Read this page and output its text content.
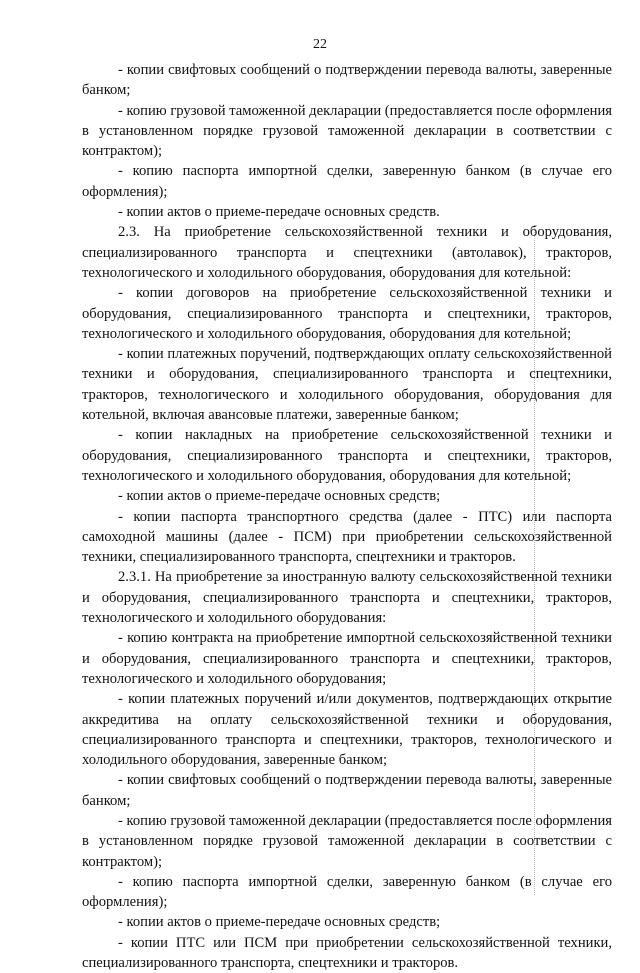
22

- копии свифтовых сообщений о подтверждении перевода валюты, заверенные банком;

- копию грузовой таможенной декларации (предоставляется после оформления в установленном порядке грузовой таможенной декларации в соответствии с контрактом);

- копию паспорта импортной сделки, заверенную банком (в случае его оформления);

- копии актов о приеме-передаче основных средств.

2.3. На приобретение сельскохозяйственной техники и оборудования, специализированного транспорта и спецтехники (автолавок), тракторов, технологического и холодильного оборудования, оборудования для котельной:

- копии договоров на приобретение сельскохозяйственной техники и оборудования, специализированного транспорта и спецтехники, тракторов, технологического и холодильного оборудования, оборудования для котельной;

- копии платежных поручений, подтверждающих оплату сельскохозяйственной техники и оборудования, специализированного транспорта и спецтехники, тракторов, технологического и холодильного оборудования, оборудования для котельной, включая авансовые платежи, заверенные банком;

- копии накладных на приобретение сельскохозяйственной техники и оборудования, специализированного транспорта и спецтехники, тракторов, технологического и холодильного оборудования, оборудования для котельной;

- копии актов о приеме-передаче основных средств;

- копии паспорта транспортного средства (далее - ПТС) или паспорта самоходной машины (далее - ПСМ) при приобретении сельскохозяйственной техники, специализированного транспорта, спецтехники и тракторов.

2.3.1. На приобретение за иностранную валюту сельскохозяйственной техники и оборудования, специализированного транспорта и спецтехники, тракторов, технологического и холодильного оборудования:

- копию контракта на приобретение импортной сельскохозяйственной техники и оборудования, специализированного транспорта и спецтехники, тракторов, технологического и холодильного оборудования;

- копии платежных поручений и/или документов, подтверждающих открытие аккредитива на оплату сельскохозяйственной техники и оборудования, специализированного транспорта и спецтехники, тракторов, технологического и холодильного оборудования, заверенные банком;

- копии свифтовых сообщений о подтверждении перевода валюты, заверенные банком;

- копию грузовой таможенной декларации (предоставляется после оформления в установленном порядке грузовой таможенной декларации в соответствии с контрактом);

- копию паспорта импортной сделки, заверенную банком (в случае его оформления);

- копии актов о приеме-передаче основных средств;

- копии ПТС или ПСМ при приобретении сельскохозяйственной техники, специализированного транспорта, спецтехники и тракторов.
